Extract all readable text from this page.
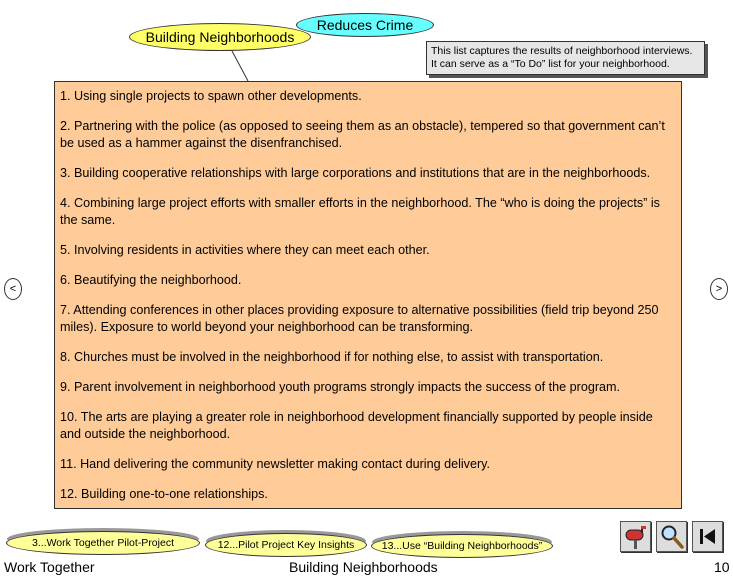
Building Neighborhoods
Reduces Crime
This list captures the results of neighborhood interviews.
It can serve as a “To Do” list for your neighborhood.

1. Using single projects to spawn other developments.

2. Partnering with the police (as opposed to seeing them as an obstacle), tempered so that government can’t be used as a hammer against the disenfranchised.

3. Building cooperative relationships with large corporations and institutions that are in the neighborhoods.

4. Combining large project efforts with smaller efforts in the neighborhood. The “who is doing the projects” is the same.

5. Involving residents in activities where they can meet each other.

6. Beautifying the neighborhood.

7. Attending conferences in other places providing exposure to alternative possibilities (field trip beyond 250 miles). Exposure to world beyond your neighborhood can be transforming.

8. Churches must be involved in the neighborhood if for nothing else, to assist with transportation.

9. Parent involvement in neighborhood youth programs strongly impacts the success of the program.

10. The arts are playing a greater role in neighborhood development financially supported by people inside and outside the neighborhood.

11. Hand delivering the community newsletter making contact during delivery.

12. Building one-to-one relationships.

<	>
3...Work Together Pilot-Project	12...Pilot Project Key Insights	13...Use “Building Neighborhoods”
Work Together	Building Neighborhoods	10
